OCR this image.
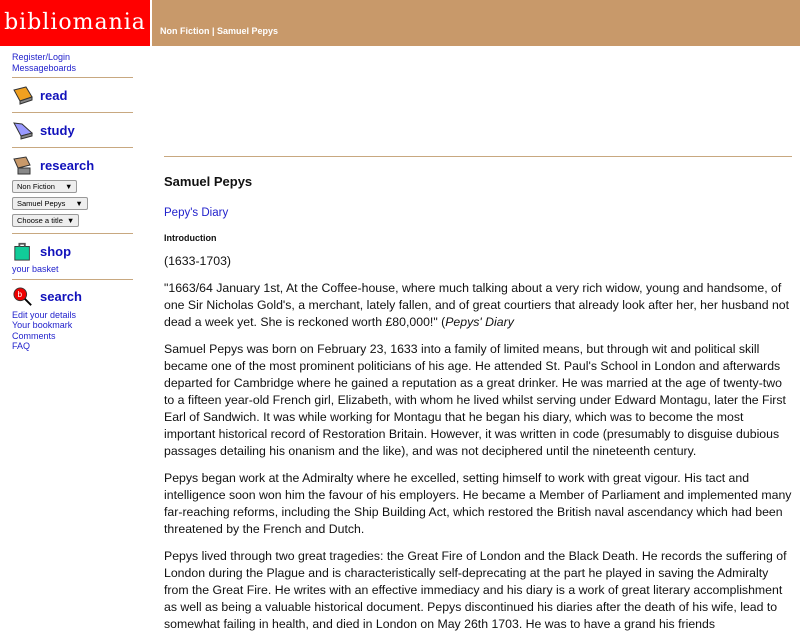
bibliomania	Non Fiction | Samuel Pepys
Register/Login
Messageboards
read
study
research
Non Fiction ▼
Samuel Pepys ▼
Choose a title ▼
shop
your basket
b search
Edit your details
Your bookmark
Comments
FAQ
Samuel Pepys
Pepy's Diary
Introduction

(1633-1703)

"1663/64 January 1st, At the Coffee-house, where much talking about a very rich widow, young and handsome, of one Sir Nicholas Gold's, a merchant, lately fallen, and of great courtiers that already look after her, her husband not dead a week yet. She is reckoned worth £80,000!" (Pepys' Diary

Samuel Pepys was born on February 23, 1633 into a family of limited means, but through wit and political skill became one of the most prominent politicians of his age. He attended St. Paul's School in London and afterwards departed for Cambridge where he gained a reputation as a great drinker. He was married at the age of twenty-two to a fifteen year-old French girl, Elizabeth, with whom he lived whilst serving under Edward Montagu, later the First Earl of Sandwich. It was while working for Montagu that he began his diary, which was to become the most important historical record of Restoration Britain. However, it was written in code (presumably to disguise dubious passages detailing his onanism and the like), and was not deciphered until the nineteenth century.

Pepys began work at the Admiralty where he excelled, setting himself to work with great vigour. His tact and intelligence soon won him the favour of his employers. He became a Member of Parliament and implemented many far-reaching reforms, including the Ship Building Act, which restored the British naval ascendancy which had been threatened by the French and Dutch.

Pepys lived through two great tragedies: the Great Fire of London and the Black Death. He records the suffering of London during the Plague and is characteristically self-deprecating at the part he played in saving the Admiralty from the Great Fire. He writes with an effective immediacy and his diary is a work of great literary accomplishment as well as being a valuable historical document. Pepys discontinued his diaries after the death of his wife, lead to somewhat failing in health, and died in London on May 26th 1703. He was to have a grand his friends
